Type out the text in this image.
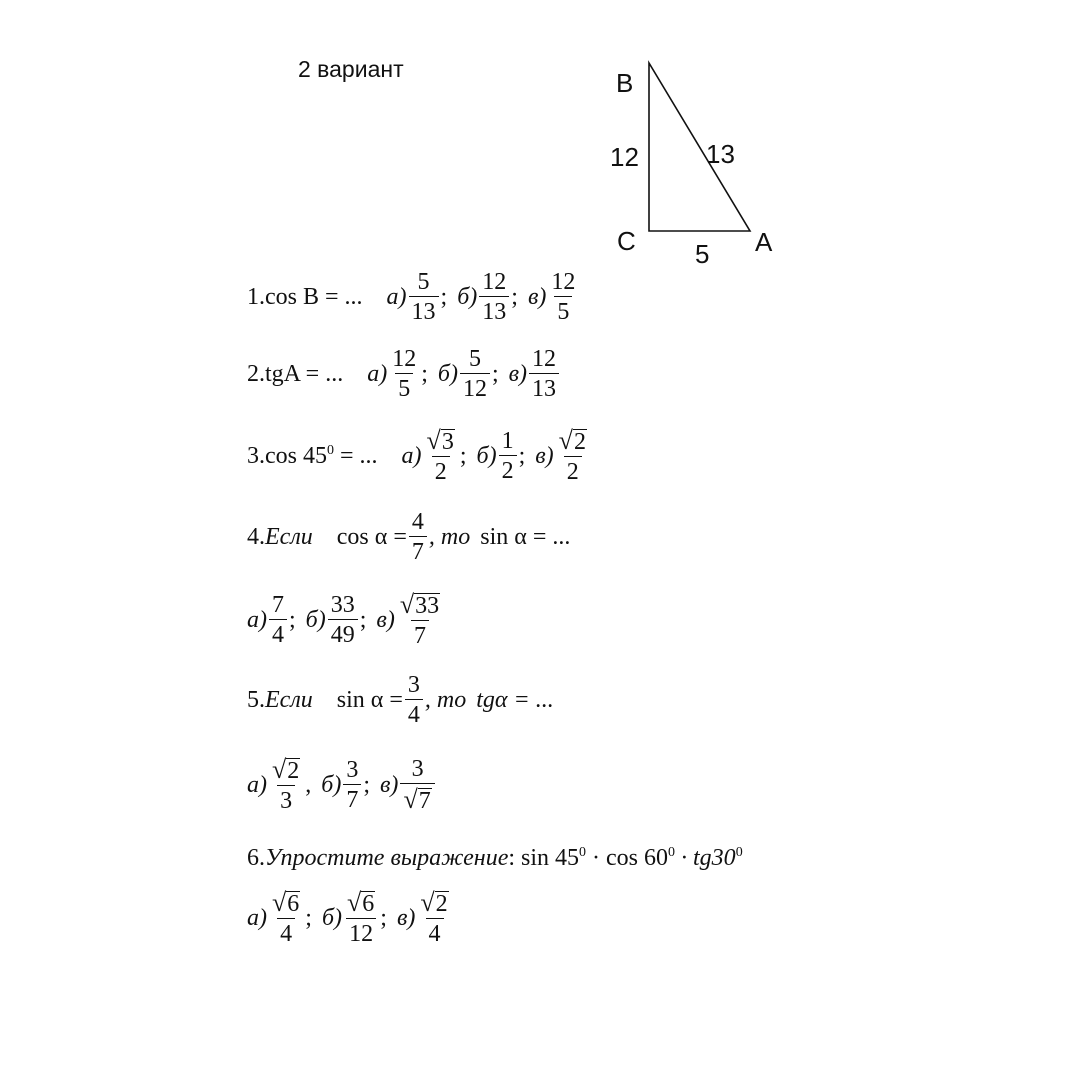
2 вариант	B
C	A
12	13
5
1.cos B = ... $а) \frac{5}{13}$ ; $б) \frac{12}{13}$ ; $в) \frac{12}{5}$
2.tgA = ... $а) \frac{12}{5}$ ; $б) \frac{5}{12}$ ; $в) \frac{12}{13}$
3.cos $45^0$ = ... $а) \frac{√ 3}{2}$ ; $б) \frac{1}{2}$ ; $в) \frac{√ 2}{2}$
4. Если $\cos \alpha = \frac{4}{7}$ , то sin α = ...
$а) \frac{7}{4}$ ; $б) \frac{33}{49}$ ; $в) \frac{√ 33}{7}$
5. Если $\sin \alpha = \frac{3}{4}$ , то tgα = ...
$а) \frac{√ 2}{3}$ , $б) \frac{3}{7}$ ; $в) \frac{3}{√ 7}$
6. Упростите выражение : $\sin 45^0 \cdot \cos 60^0 \cdot tg30^0$
$а) \frac{√ 6}{4}$ ; $б) \frac{√ 6}{12}$ ; $в) \frac{√ 2}{4}$
